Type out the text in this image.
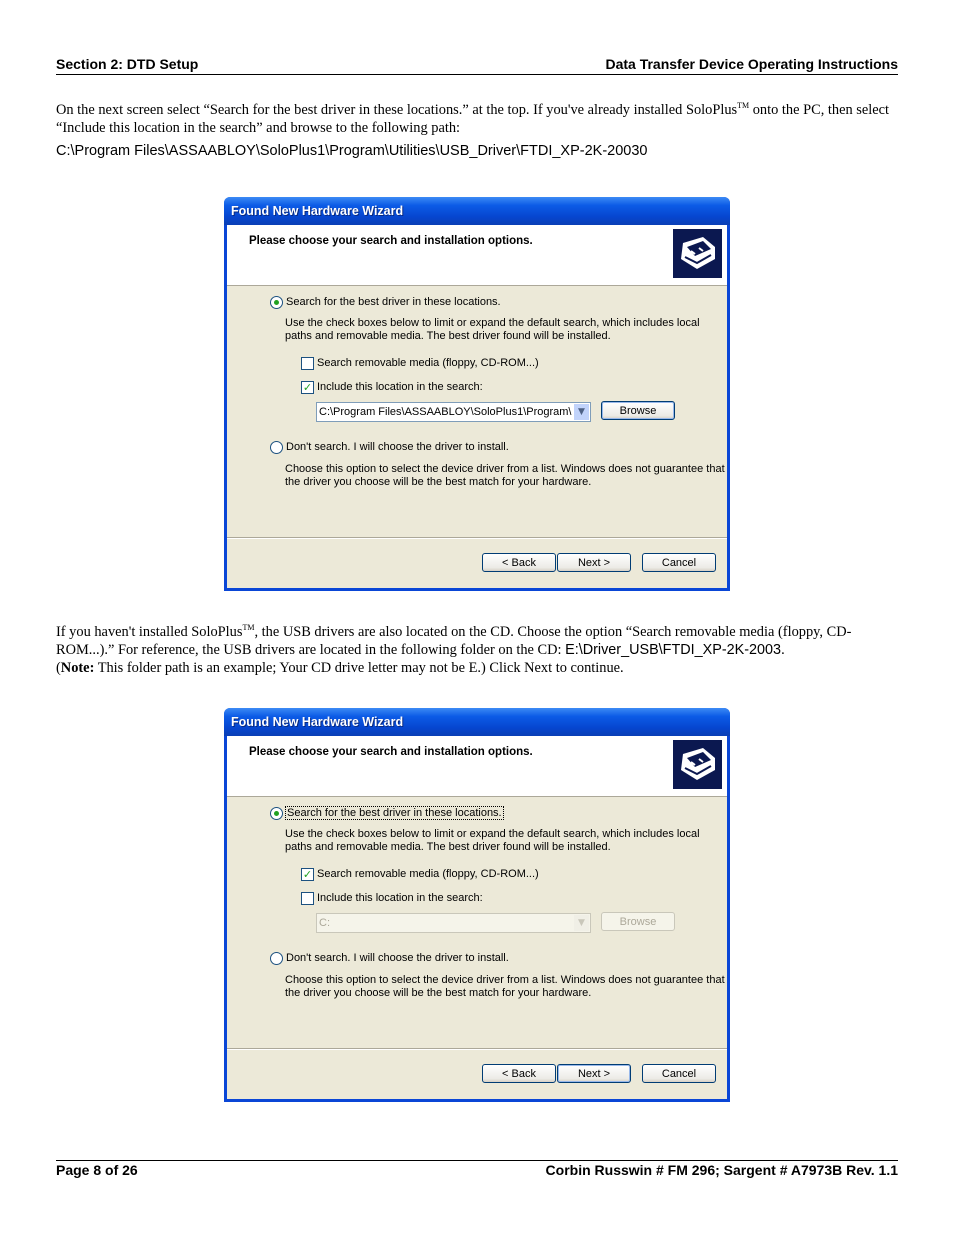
Section 2: DTD Setup	Data Transfer Device Operating Instructions
On the next screen select “Search for the best driver in these locations.” at the top. If you've already installed SoloPlus™ onto the PC, then select “Include this location in the search” and browse to the following path:
C:\Program Files\ASSAABLOY\SoloPlus1\Program\Utilities\USB_Driver\FTDI_XP-2K-20030
Found New Hardware Wizard
Please choose your search and installation options.
Search for the best driver in these locations.
Use the check boxes below to limit or expand the default search, which includes local
paths and removable media. The best driver found will be installed.
Search removable media (floppy, CD-ROM...)
✓ Include this location in the search:
C:\Program Files\ASSAABLOY\SoloPlus1\Program\ ▼	Browse
Don't search. I will choose the driver to install.
Choose this option to select the device driver from a list. Windows does not guarantee that
the driver you choose will be the best match for your hardware.
< Back	Next >	Cancel
If you haven't installed SoloPlus™, the USB drivers are also located on the CD. Choose the option “Search removable media (floppy, CD-ROM...).” For reference, the USB drivers are located in the following folder on the CD: E:\Driver_USB\FTDI_XP-2K-2003.
(Note: This folder path is an example; Your CD drive letter may not be E.) Click Next to continue.
Found New Hardware Wizard
Please choose your search and installation options.
Search for the best driver in these locations.
Use the check boxes below to limit or expand the default search, which includes local
paths and removable media. The best driver found will be installed.
✓ Search removable media (floppy, CD-ROM...)
Include this location in the search:
C:	▼	Browse
Don't search. I will choose the driver to install.
Choose this option to select the device driver from a list. Windows does not guarantee that
the driver you choose will be the best match for your hardware.
< Back	Next >	Cancel
Page 8 of 26	Corbin Russwin # FM 296; Sargent # A7973B Rev. 1.1
